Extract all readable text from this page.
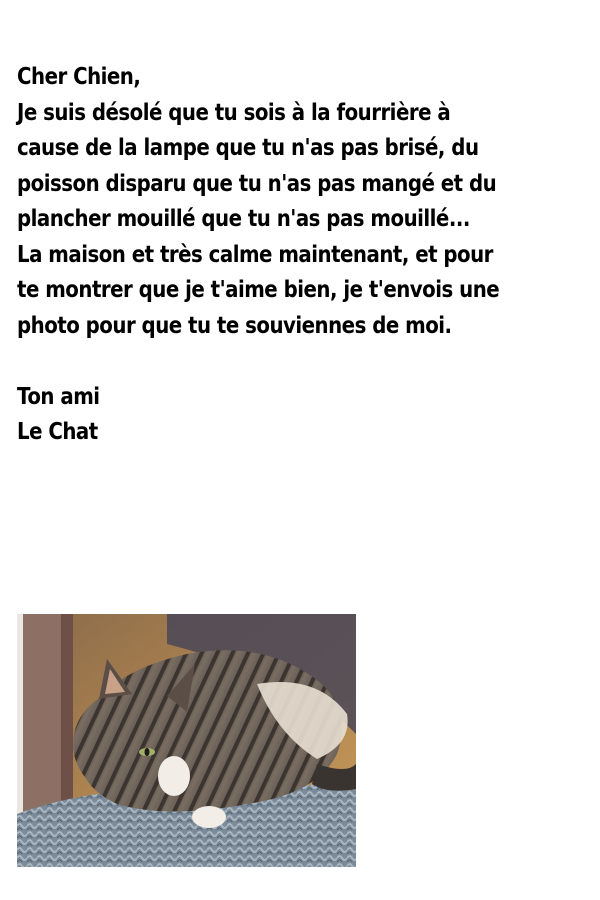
Cher Chien,
Je suis désolé que tu sois à la fourrière à
cause de la lampe que tu n'as pas brisé, du
poisson disparu que tu n'as pas mangé et du
plancher mouillé que tu n'as pas mouillé...
La maison et très calme maintenant, et pour
te montrer que je t'aime bien, je t'envois une
photo pour que tu te souviennes de moi.
Ton ami
Le Chat
